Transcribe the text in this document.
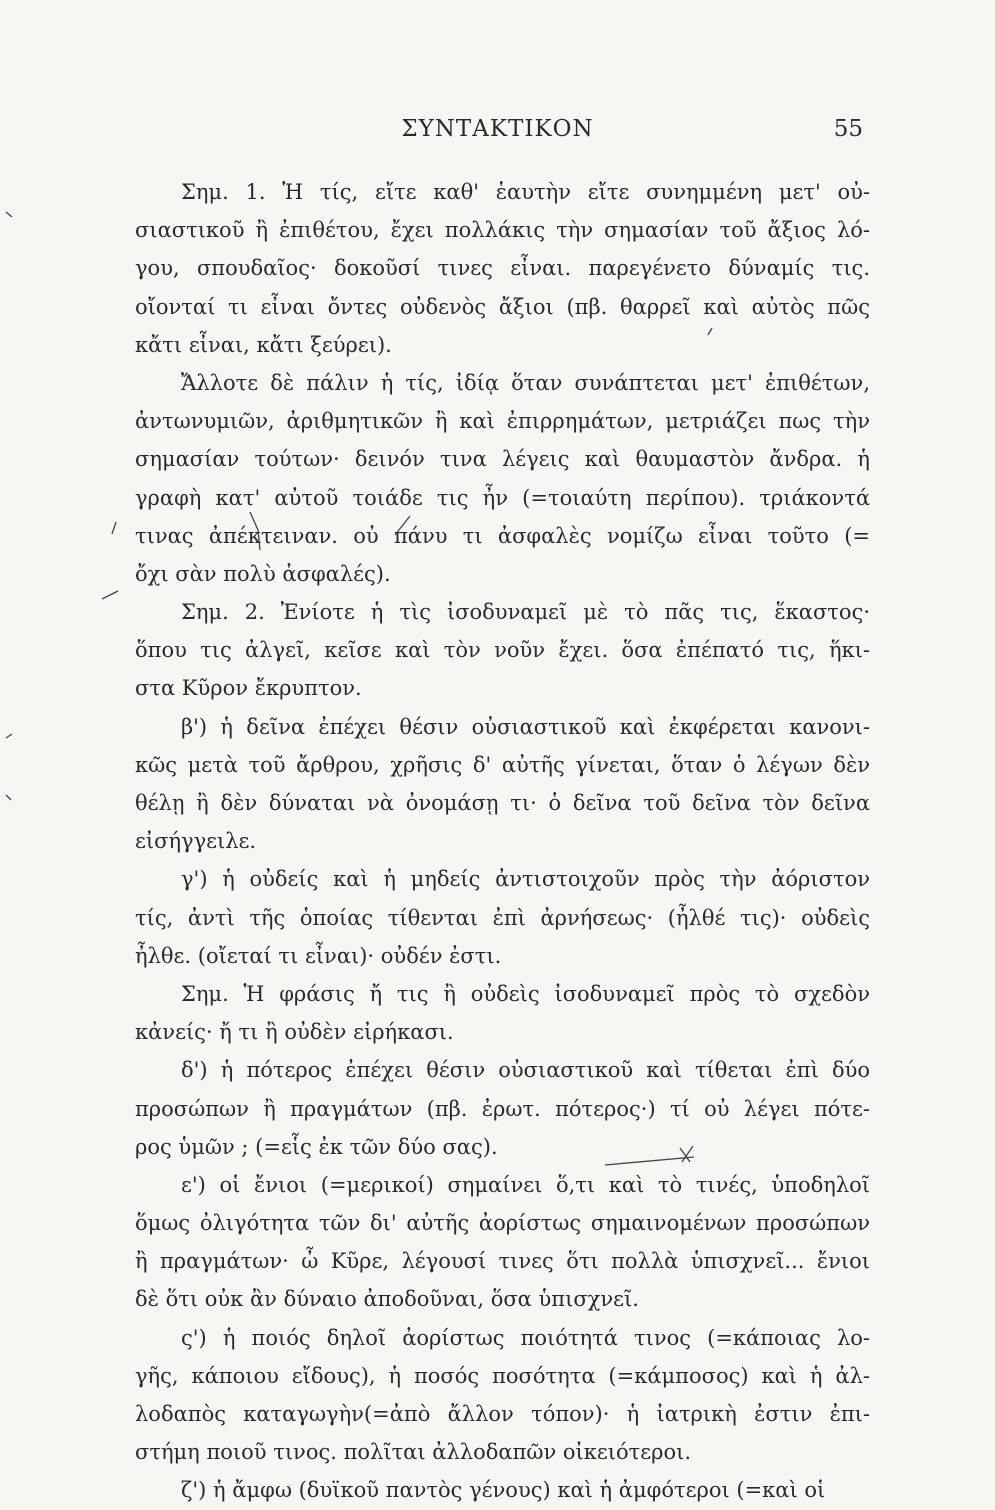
ΣΥΝΤΑΚΤΙΚΟΝ	55
Σημ. 1. Ἡ τίς, εἴτε καθ' ἑαυτὴν εἴτε συνημμένη μετ' οὐ-
σιαστικοῦ ἢ ἐπιθέτου, ἔχει πολλάκις τὴν σημασίαν τοῦ ἄξιος λό-
γου, σπουδαῖος· δοκοῦσί τινες εἶναι. παρεγένετο δύναμίς τις.
οἴονταί τι εἶναι ὄντες οὐδενὸς ἄξιοι (πβ. θαρρεῖ καὶ αὐτὸς πῶς
κἄτι εἶναι, κἄτι ξεύρει).
Ἄλλοτε δὲ πάλιν ἡ τίς, ἰδίᾳ ὅταν συνάπτεται μετ' ἐπιθέτων,
ἀντωνυμιῶν, ἀριθμητικῶν ἢ καὶ ἐπιρρημάτων, μετριάζει πως τὴν
σημασίαν τούτων· δεινόν τινα λέγεις καὶ θαυμαστὸν ἄνδρα. ἡ
γραφὴ κατ' αὐτοῦ τοιάδε τις ἦν (=τοιαύτη περίπου). τριάκοντά
τινας ἀπέκτειναν. οὐ πάνυ τι ἀσφαλὲς νομίζω εἶναι τοῦτο (=
ὄχι σὰν πολὺ ἀσφαλές).
Σημ. 2. Ἐνίοτε ἡ τὶς ἰσοδυναμεῖ μὲ τὸ πᾶς τις, ἕκαστος·
ὅπου τις ἀλγεῖ, κεῖσε καὶ τὸν νοῦν ἔχει. ὅσα ἐπέπατό τις, ἥκι-
στα Κῦρον ἔκρυπτον.
β') ἡ δεῖνα ἐπέχει θέσιν οὐσιαστικοῦ καὶ ἐκφέρεται κανονι-
κῶς μετὰ τοῦ ἄρθρου, χρῆσις δ' αὐτῆς γίνεται, ὅταν ὁ λέγων δὲν
θέλῃ ἢ δὲν δύναται νὰ ὀνομάσῃ τι· ὁ δεῖνα τοῦ δεῖνα τὸν δεῖνα
εἰσήγγειλε.
γ') ἡ οὐδείς καὶ ἡ μηδείς ἀντιστοιχοῦν πρὸς τὴν ἀόριστον
τίς, ἀντὶ τῆς ὁποίας τίθενται ἐπὶ ἀρνήσεως· (ἦλθέ τις)· οὐδεὶς
ἦλθε. (οἴεταί τι εἶναι)· οὐδέν ἐστι.
Σημ. Ἡ φράσις ἤ τις ἢ οὐδεὶς ἰσοδυναμεῖ πρὸς τὸ σχεδὸν
κἀνείς· ἤ τι ἢ οὐδὲν εἰρήκασι.
δ') ἡ πότερος ἐπέχει θέσιν οὐσιαστικοῦ καὶ τίθεται ἐπὶ δύο
προσώπων ἢ πραγμάτων (πβ. ἐρωτ. πότερος·) τί οὐ λέγει πότε-
ρος ὑμῶν ; (=εἷς ἐκ τῶν δύο σας).
ε') οἱ ἔνιοι (=μερικοί) σημαίνει ὅ,τι καὶ τὸ τινές, ὑποδηλοῖ
ὅμως ὀλιγότητα τῶν δι' αὐτῆς ἀορίστως σημαινομένων προσώπων
ἢ πραγμάτων· ὦ Κῦρε, λέγουσί τινες ὅτι πολλὰ ὑπισχνεῖ... ἔνιοι
δὲ ὅτι οὐκ ἂν δύναιο ἀποδοῦναι, ὅσα ὑπισχνεῖ.
ς') ἡ ποιός δηλοῖ ἀορίστως ποιότητά τινος (=κάποιας λο-
γῆς, κάποιου εἴδους), ἡ ποσός ποσότητα (=κάμποσος) καὶ ἡ ἀλ-
λοδαπὸς καταγωγὴν(=ἀπὸ ἄλλον τόπον)· ἡ ἰατρικὴ ἐστιν ἐπι-
στήμη ποιοῦ τινος. πολῖται ἀλλοδαπῶν οἰκειότεροι.
ζ') ἡ ἄμφω (δυϊκοῦ παντὸς γένους) καὶ ἡ ἀμφότεροι (=καὶ οἱ
